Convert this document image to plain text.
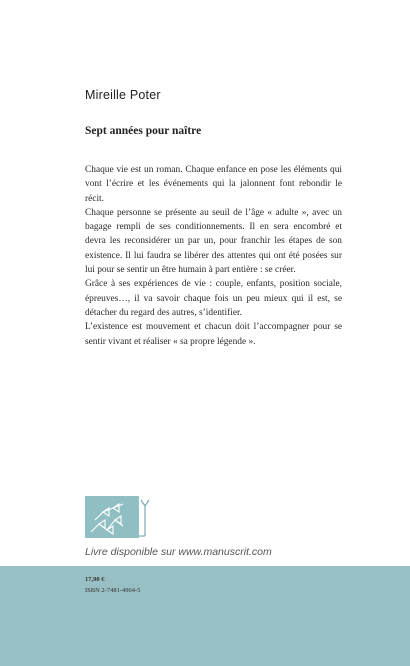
Mireille Poter
Sept années pour naître

Chaque vie est un roman. Chaque enfance en pose les éléments qui vont l’écrire et les événements qui la jalonnent font rebondir le récit.

Chaque personne se présente au seuil de l’âge « adulte », avec un bagage rempli de ses conditionnements. Il en sera encombré et devra les reconsidérer un par un, pour franchir les étapes de son existence. Il lui faudra se libérer des attentes qui ont été posées sur lui pour se sentir un être humain à part entière : se créer.

Grâce à ses expériences de vie : couple, enfants, position sociale, épreuves…, il va savoir chaque fois un peu mieux qui il est, se détacher du regard des autres, s’identifier.

L’existence est mouvement et chacun doit l’accompagner pour se sentir vivant et réaliser « sa propre légende ».

Livre disponible sur www.manuscrit.com
17,90 €
ISBN 2-7481-4964-5
